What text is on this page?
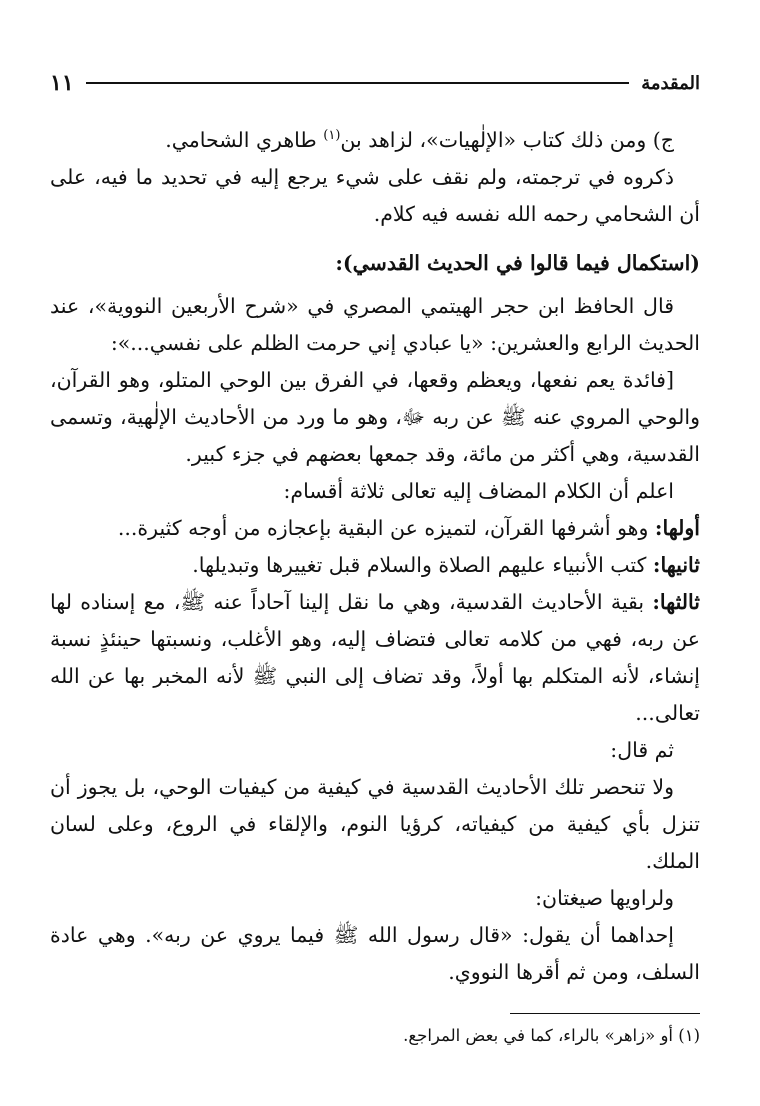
المقدمة
١١

ج) ومن ذلك كتاب «الإلٰهيات»، لزاهد بن$^{(١)}$ طاهري الشحامي.

ذكروه في ترجمته، ولم نقف على شيء يرجع إليه في تحديد ما فيه، على أن الشحامي رحمه الله نفسه فيه كلام.

(استكمال فيما قالوا في الحديث القدسي):

قال الحافظ ابن حجر الهيتمي المصري في «شرح الأربعين النووية»، عند الحديث الرابع والعشرين: «يا عبادي إني حرمت الظلم على نفسي...»:

[فائدة يعم نفعها، ويعظم وقعها، في الفرق بين الوحي المتلو، وهو القرآن، والوحي المروي عنه ﷺ عن ربه ﷻ، وهو ما ورد من الأحاديث الإلٰهية، وتسمى القدسية، وهي أكثر من مائة، وقد جمعها بعضهم في جزء كبير.

اعلم أن الكلام المضاف إليه تعالى ثلاثة أقسام:

أولها: وهو أشرفها القرآن، لتميزه عن البقية بإعجازه من أوجه كثيرة...

ثانيها: كتب الأنبياء عليهم الصلاة والسلام قبل تغييرها وتبديلها.

ثالثها: بقية الأحاديث القدسية، وهي ما نقل إلينا آحاداً عنه ﷺ، مع إسناده لها عن ربه، فهي من كلامه تعالى فتضاف إليه، وهو الأغلب، ونسبتها حينئذٍ نسبة إنشاء، لأنه المتكلم بها أولاً، وقد تضاف إلى النبي ﷺ لأنه المخبر بها عن الله تعالى...

ثم قال:

ولا تنحصر تلك الأحاديث القدسية في كيفية من كيفيات الوحي، بل يجوز أن تنزل بأي كيفية من كيفياته، كرؤيا النوم، والإلقاء في الروع، وعلى لسان الملك.

ولراويها صيغتان:

إحداهما أن يقول: «قال رسول الله ﷺ فيما يروي عن ربه». وهي عادة السلف، ومن ثم أقرها النووي.

(١) أو «زاهر» بالراء، كما في بعض المراجع.
